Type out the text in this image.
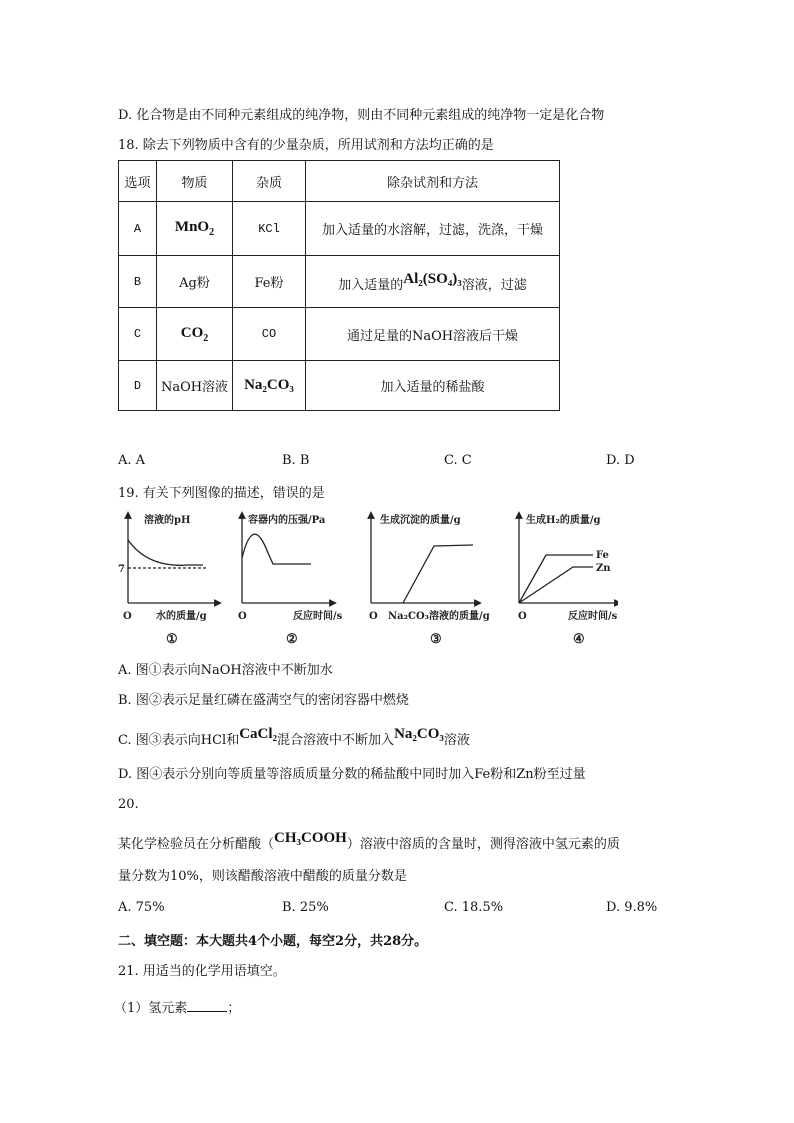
D. 化合物是由不同种元素组成的纯净物，则由不同种元素组成的纯净物一定是化合物
18. 除去下列物质中含有的少量杂质，所用试剂和方法均正确的是
选项	物质	杂质	除杂试剂和方法
A	MnO$_2$	KCl	加入适量的水溶解，过滤，洗涤，干燥
B	Ag粉	Fe粉	加入适量的Al₂(SO₄)₃溶液，过滤
C	$CO_2$	CO	通过足量的NaOH溶液后干燥
D	NaOH溶液	Na₂CO₃	加入适量的稀盐酸
A. A	B. B	C. C	D. D
19. 有关下列图像的描述，错误的是
溶液的pH
7
O 水的质量/g
①
容器内的压强/Pa
O	反应时间/s
②
生成沉淀的质量/g
O Na₂CO₃溶液的质量/g
③
生成H₂的质量/g
Fe
Zn
O	反应时间/s
④
A. 图①表示向NaOH溶液中不断加水
B. 图②表示足量红磷在盛满空气的密闭容器中燃烧
C. 图③表示向HCl和CaCl₂混合溶液中不断加入Na₂CO₃溶液
D. 图④表示分别向等质量等溶质质量分数的稀盐酸中同时加入Fe粉和Zn粉至过量
20.
某化学检验员在分析醋酸（CH₃COOH）溶液中溶质的含量时，测得溶液中氢元素的质
量分数为10%，则该醋酸溶液中醋酸的质量分数是
A. 75%	B. 25%	C. 18.5%	D. 9.8%
二、填空题：本大题共4个小题，每空2分，共28分。
21. 用适当的化学用语填空。
（1）氢元素	；
